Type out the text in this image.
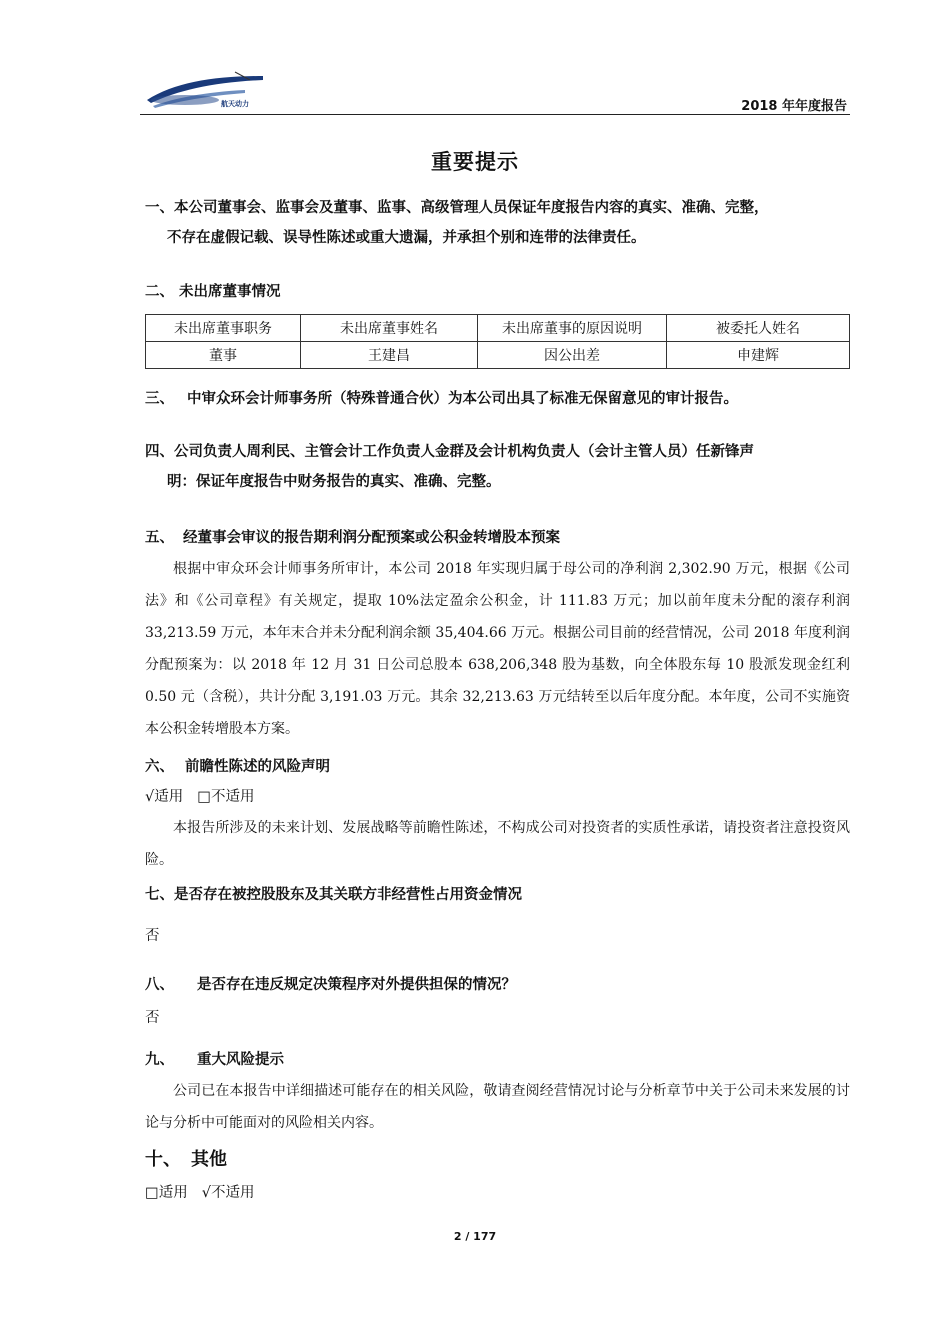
航天动力	2018 年年度报告
重要提示

一、本公司董事会、监事会及董事、监事、高级管理人员保证年度报告内容的真实、准确、完整，

不存在虚假记载、误导性陈述或重大遗漏，并承担个别和连带的法律责任。

二、 未出席董事情况

未出席董事职务	未出席董事姓名	未出席董事的原因说明	被委托人姓名
董事	王建昌	因公出差	申建辉

三、 中审众环会计师事务所（特殊普通合伙）为本公司出具了标准无保留意见的审计报告。

四、公司负责人周利民、主管会计工作负责人金群及会计机构负责人（会计主管人员）任新锋声

明：保证年度报告中财务报告的真实、准确、完整。

五、 经董事会审议的报告期利润分配预案或公积金转增股本预案

根据中审众环会计师事务所审计，本公司 2018 年实现归属于母公司的净利润 2,302.90 万元，根据《公司法》和《公司章程》有关规定，提取 10%法定盈余公积金，计 111.83 万元；加以前年度未分配的滚存利润 33,213.59 万元，本年末合并未分配利润余额 35,404.66 万元。根据公司目前的经营情况，公司 2018 年度利润分配预案为：以 2018 年 12 月 31 日公司总股本 638,206,348 股为基数，向全体股东每 10 股派发现金红利 0.50 元（含税），共计分配 3,191.03 万元。其余 32,213.63 万元结转至以后年度分配。本年度，公司不实施资本公积金转增股本方案。

六、 前瞻性陈述的风险声明

√适用 □不适用

本报告所涉及的未来计划、发展战略等前瞻性陈述，不构成公司对投资者的实质性承诺，请投资者注意投资风险。

七、是否存在被控股股东及其关联方非经营性占用资金情况

否

八、 是否存在违反规定决策程序对外提供担保的情况？

否

九、 重大风险提示

公司已在本报告中详细描述可能存在的相关风险，敬请查阅经营情况讨论与分析章节中关于公司未来发展的讨论与分析中可能面对的风险相关内容。

十、 其他

□适用 √不适用
2 / 177
